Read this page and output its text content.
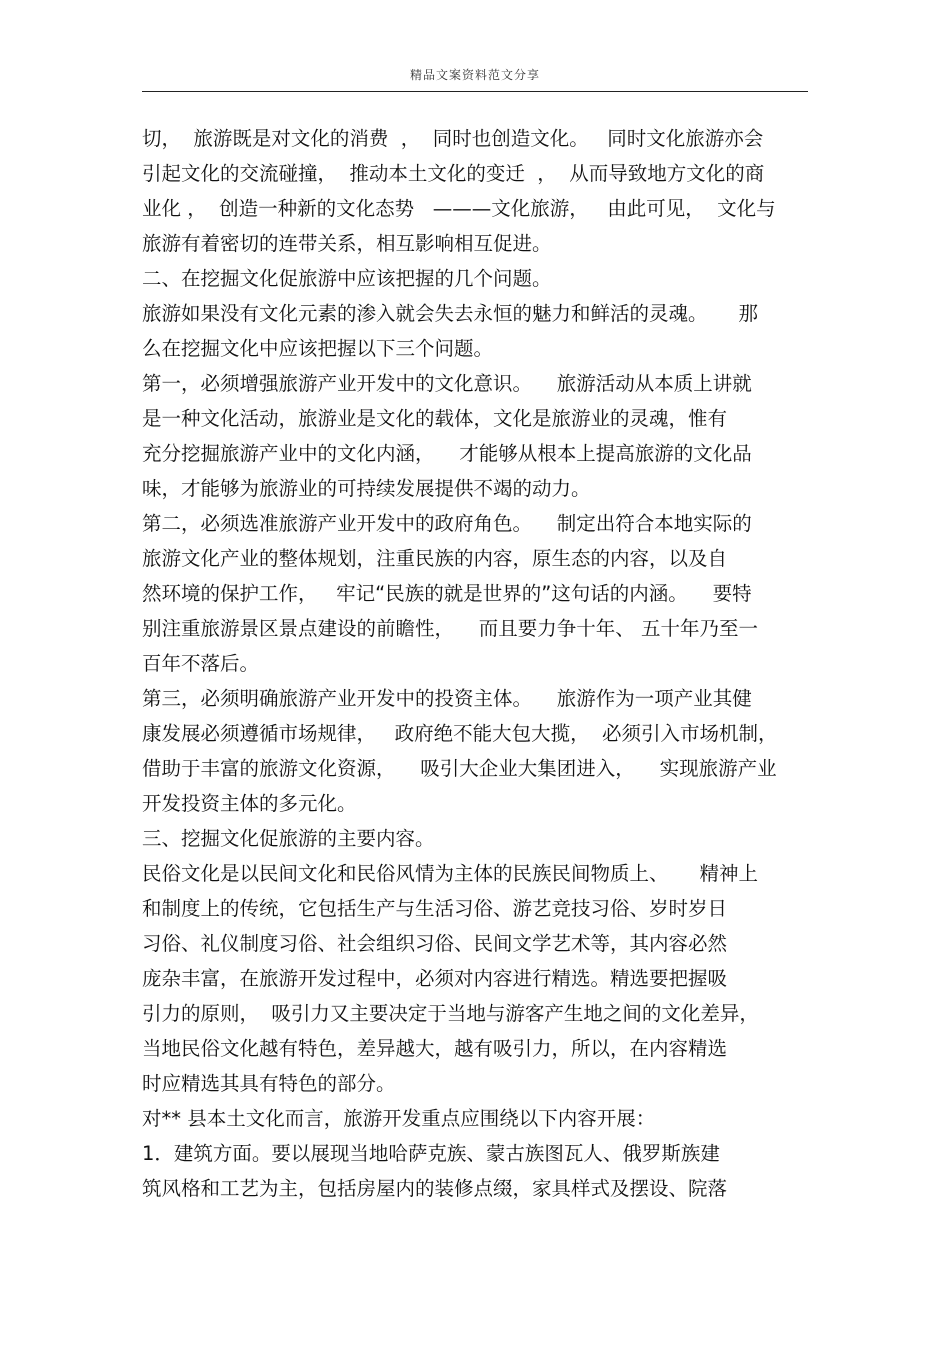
精品文案资料范文分享
切，  旅游既是对文化的消费  ，  同时也创造文化。   同时文化旅游亦会
引起文化的交流碰撞，  推动本土文化的变迁  ，  从而导致地方文化的商
业化 ，  创造一种新的文化态势   ———文化旅游，   由此可见，  文化与
旅游有着密切的连带关系，相互影响相互促进。
二、在挖掘文化促旅游中应该把握的几个问题。
旅游如果没有文化元素的渗入就会失去永恒的魅力和鲜活的灵魂。     那
么在挖掘文化中应该把握以下三个问题。
第一，必须增强旅游产业开发中的文化意识。    旅游活动从本质上讲就
是一种文化活动，旅游业是文化的载体，文化是旅游业的灵魂，惟有
充分挖掘旅游产业中的文化内涵，    才能够从根本上提高旅游的文化品
味，才能够为旅游业的可持续发展提供不竭的动力。
第二，必须选准旅游产业开发中的政府角色。    制定出符合本地实际的
旅游文化产业的整体规划，注重民族的内容，原生态的内容，以及自
然环境的保护工作，   牢记“民族的就是世界的”这句话的内涵。    要特
别注重旅游景区景点建设的前瞻性，    而且要力争十年、 五十年乃至一
百年不落后。
第三，必须明确旅游产业开发中的投资主体。    旅游作为一项产业其健
康发展必须遵循市场规律，   政府绝不能大包大揽，  必须引入市场机制，
借助于丰富的旅游文化资源，    吸引大企业大集团进入，    实现旅游产业
开发投资主体的多元化。
三、挖掘文化促旅游的主要内容。
民俗文化是以民间文化和民俗风情为主体的民族民间物质上、     精神上
和制度上的传统，它包括生产与生活习俗、游艺竞技习俗、岁时岁日
习俗、礼仪制度习俗、社会组织习俗、民间文学艺术等，其内容必然
庞杂丰富，在旅游开发过程中，必须对内容进行精选。精选要把握吸
引力的原则，  吸引力又主要决定于当地与游客产生地之间的文化差异，
当地民俗文化越有特色，差异越大，越有吸引力，所以，在内容精选
时应精选其具有特色的部分。
对** 县本土文化而言，旅游开发重点应围绕以下内容开展：
1．建筑方面。要以展现当地哈萨克族、蒙古族图瓦人、俄罗斯族建
筑风格和工艺为主，包括房屋内的装修点缀，家具样式及摆设、院落
